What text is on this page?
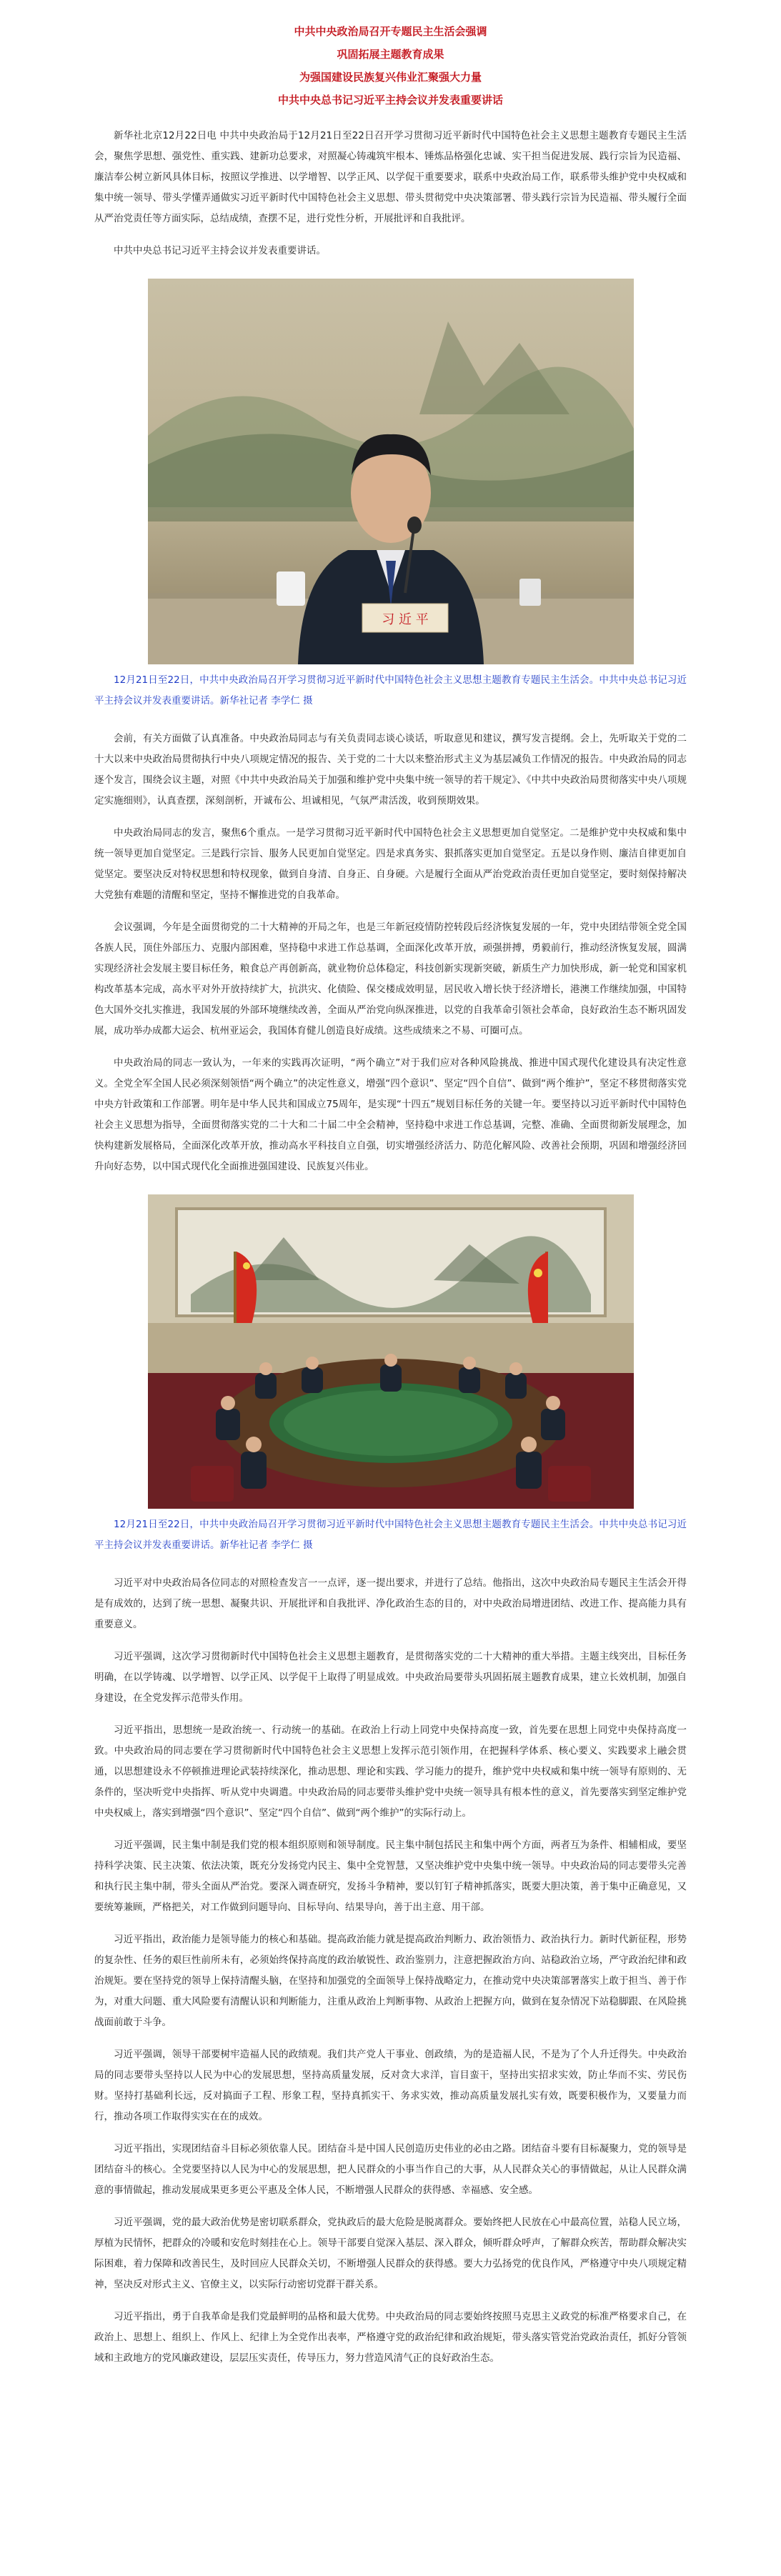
中共中央政治局召开专题民主生活会强调
巩固拓展主题教育成果
为强国建设民族复兴伟业汇聚强大力量
中共中央总书记习近平主持会议并发表重要讲话

新华社北京12月22日电 中共中央政治局于12月21日至22日召开学习贯彻习近平新时代中国特色社会主义思想主题教育专题民主生活会，聚焦学思想、强党性、重实践、建新功总要求，对照凝心铸魂筑牢根本、锤炼品格强化忠诚、实干担当促进发展、践行宗旨为民造福、廉洁奉公树立新风具体目标，按照议学推进、以学增智、以学正风、以学促干重要要求，联系中央政治局工作，联系带头维护党中央权威和集中统一领导、带头学懂弄通做实习近平新时代中国特色社会主义思想、带头贯彻党中央决策部署、带头践行宗旨为民造福、带头履行全面从严治党责任等方面实际，总结成绩，查摆不足，进行党性分析，开展批评和自我批评。

中共中央总书记习近平主持会议并发表重要讲话。

习 近 平

12月21日至22日，中共中央政治局召开学习贯彻习近平新时代中国特色社会主义思想主题教育专题民主生活会。中共中央总书记习近平主持会议并发表重要讲话。新华社记者 李学仁 摄

会前，有关方面做了认真准备。中央政治局同志与有关负责同志谈心谈话，听取意见和建议，撰写发言提纲。会上，先听取关于党的二十大以来中央政治局贯彻执行中央八项规定情况的报告、关于党的二十大以来整治形式主义为基层减负工作情况的报告。中央政治局的同志逐个发言，围绕会议主题，对照《中共中央政治局关于加强和维护党中央集中统一领导的若干规定》、《中共中央政治局贯彻落实中央八项规定实施细则》，认真查摆，深刻剖析，开诚布公、坦诚相见，气氛严肃活泼，收到预期效果。

中央政治局同志的发言，聚焦6个重点。一是学习贯彻习近平新时代中国特色社会主义思想更加自觉坚定。二是维护党中央权威和集中统一领导更加自觉坚定。三是践行宗旨、服务人民更加自觉坚定。四是求真务实、狠抓落实更加自觉坚定。五是以身作则、廉洁自律更加自觉坚定。要坚决反对特权思想和特权现象，做到自身清、自身正、自身硬。六是履行全面从严治党政治责任更加自觉坚定，要时刻保持解决大党独有难题的清醒和坚定，坚持不懈推进党的自我革命。

会议强调，今年是全面贯彻党的二十大精神的开局之年，也是三年新冠疫情防控转段后经济恢复发展的一年，党中央团结带领全党全国各族人民，顶住外部压力、克服内部困难，坚持稳中求进工作总基调，全面深化改革开放，顽强拼搏，勇毅前行，推动经济恢复发展，圆满实现经济社会发展主要目标任务，粮食总产再创新高，就业物价总体稳定，科技创新实现新突破，新质生产力加快形成，新一轮党和国家机构改革基本完成，高水平对外开放持续扩大，抗洪灾、化债险、保交楼成效明显，居民收入增长快于经济增长，港澳工作继续加强，中国特色大国外交扎实推进，我国发展的外部环境继续改善，全面从严治党向纵深推进，以党的自我革命引领社会革命，良好政治生态不断巩固发展，成功举办成都大运会、杭州亚运会，我国体育健儿创造良好成绩。这些成绩来之不易、可圈可点。

中央政治局的同志一致认为，一年来的实践再次证明，“两个确立”对于我们应对各种风险挑战、推进中国式现代化建设具有决定性意义。全党全军全国人民必须深刻领悟“两个确立”的决定性意义，增强“四个意识”、坚定“四个自信”、做到“两个维护”，坚定不移贯彻落实党中央方针政策和工作部署。明年是中华人民共和国成立75周年，是实现“十四五”规划目标任务的关键一年。要坚持以习近平新时代中国特色社会主义思想为指导，全面贯彻落实党的二十大和二十届二中全会精神，坚持稳中求进工作总基调，完整、准确、全面贯彻新发展理念，加快构建新发展格局，全面深化改革开放，推动高水平科技自立自强，切实增强经济活力、防范化解风险、改善社会预期，巩固和增强经济回升向好态势，以中国式现代化全面推进强国建设、民族复兴伟业。

12月21日至22日，中共中央政治局召开学习贯彻习近平新时代中国特色社会主义思想主题教育专题民主生活会。中共中央总书记习近平主持会议并发表重要讲话。新华社记者 李学仁 摄

习近平对中央政治局各位同志的对照检查发言一一点评，逐一提出要求，并进行了总结。他指出，这次中央政治局专题民主生活会开得是有成效的，达到了统一思想、凝聚共识、开展批评和自我批评、净化政治生态的目的，对中央政治局增进团结、改进工作、提高能力具有重要意义。

习近平强调，这次学习贯彻新时代中国特色社会主义思想主题教育，是贯彻落实党的二十大精神的重大举措。主题主线突出，目标任务明确，在以学铸魂、以学增智、以学正风、以学促干上取得了明显成效。中央政治局要带头巩固拓展主题教育成果，建立长效机制，加强自身建设，在全党发挥示范带头作用。

习近平指出，思想统一是政治统一、行动统一的基础。在政治上行动上同党中央保持高度一致，首先要在思想上同党中央保持高度一致。中央政治局的同志要在学习贯彻新时代中国特色社会主义思想上发挥示范引领作用，在把握科学体系、核心要义、实践要求上融会贯通，以思想建设永不停顿推进理论武装持续深化，推动思想、理论和实践、学习能力的提升，维护党中央权威和集中统一领导有原则的、无条件的，坚决听党中央指挥、听从党中央调遣。中央政治局的同志要带头维护党中央统一领导具有根本性的意义，首先要落实到坚定维护党中央权威上，落实到增强“四个意识”、坚定“四个自信”、做到“两个维护”的实际行动上。

习近平强调，民主集中制是我们党的根本组织原则和领导制度。民主集中制包括民主和集中两个方面，两者互为条件、相辅相成，要坚持科学决策、民主决策、依法决策，既充分发扬党内民主、集中全党智慧，又坚决维护党中央集中统一领导。中央政治局的同志要带头完善和执行民主集中制，带头全面从严治党。要深入调查研究，发扬斗争精神，要以钉钉子精神抓落实，既要大胆决策，善于集中正确意见，又要统筹兼顾，严格把关，对工作做到问题导向、目标导向、结果导向，善于出主意、用干部。

习近平指出，政治能力是领导能力的核心和基础。提高政治能力就是提高政治判断力、政治领悟力、政治执行力。新时代新征程，形势的复杂性、任务的艰巨性前所未有，必须始终保持高度的政治敏锐性、政治鉴别力，注意把握政治方向、站稳政治立场，严守政治纪律和政治规矩。要在坚持党的领导上保持清醒头脑，在坚持和加强党的全面领导上保持战略定力，在推动党中央决策部署落实上敢于担当、善于作为，对重大问题、重大风险要有清醒认识和判断能力，注重从政治上判断事物、从政治上把握方向，做到在复杂情况下站稳脚跟、在风险挑战面前敢于斗争。

习近平强调，领导干部要树牢造福人民的政绩观。我们共产党人干事业、创政绩，为的是造福人民，不是为了个人升迁得失。中央政治局的同志要带头坚持以人民为中心的发展思想，坚持高质量发展，反对贪大求洋，盲目蛮干，坚持出实招求实效，防止华而不实、劳民伤财。坚持打基础利长远，反对搞面子工程、形象工程，坚持真抓实干、务求实效，推动高质量发展扎实有效，既要积极作为，又要量力而行，推动各项工作取得实实在在的成效。

习近平指出，实现团结奋斗目标必须依靠人民。团结奋斗是中国人民创造历史伟业的必由之路。团结奋斗要有目标凝聚力，党的领导是团结奋斗的核心。全党要坚持以人民为中心的发展思想，把人民群众的小事当作自己的大事，从人民群众关心的事情做起，从让人民群众满意的事情做起，推动发展成果更多更公平惠及全体人民，不断增强人民群众的获得感、幸福感、安全感。

习近平强调，党的最大政治优势是密切联系群众，党执政后的最大危险是脱离群众。要始终把人民放在心中最高位置，站稳人民立场，厚植为民情怀，把群众的冷暖和安危时刻挂在心上。领导干部要自觉深入基层、深入群众，倾听群众呼声，了解群众疾苦，帮助群众解决实际困难，着力保障和改善民生，及时回应人民群众关切，不断增强人民群众的获得感。要大力弘扬党的优良作风，严格遵守中央八项规定精神，坚决反对形式主义、官僚主义，以实际行动密切党群干群关系。

习近平指出，勇于自我革命是我们党最鲜明的品格和最大优势。中央政治局的同志要始终按照马克思主义政党的标准严格要求自己，在政治上、思想上、组织上、作风上、纪律上为全党作出表率，严格遵守党的政治纪律和政治规矩，带头落实管党治党政治责任，抓好分管领域和主政地方的党风廉政建设，层层压实责任，传导压力，努力营造风清气正的良好政治生态。
